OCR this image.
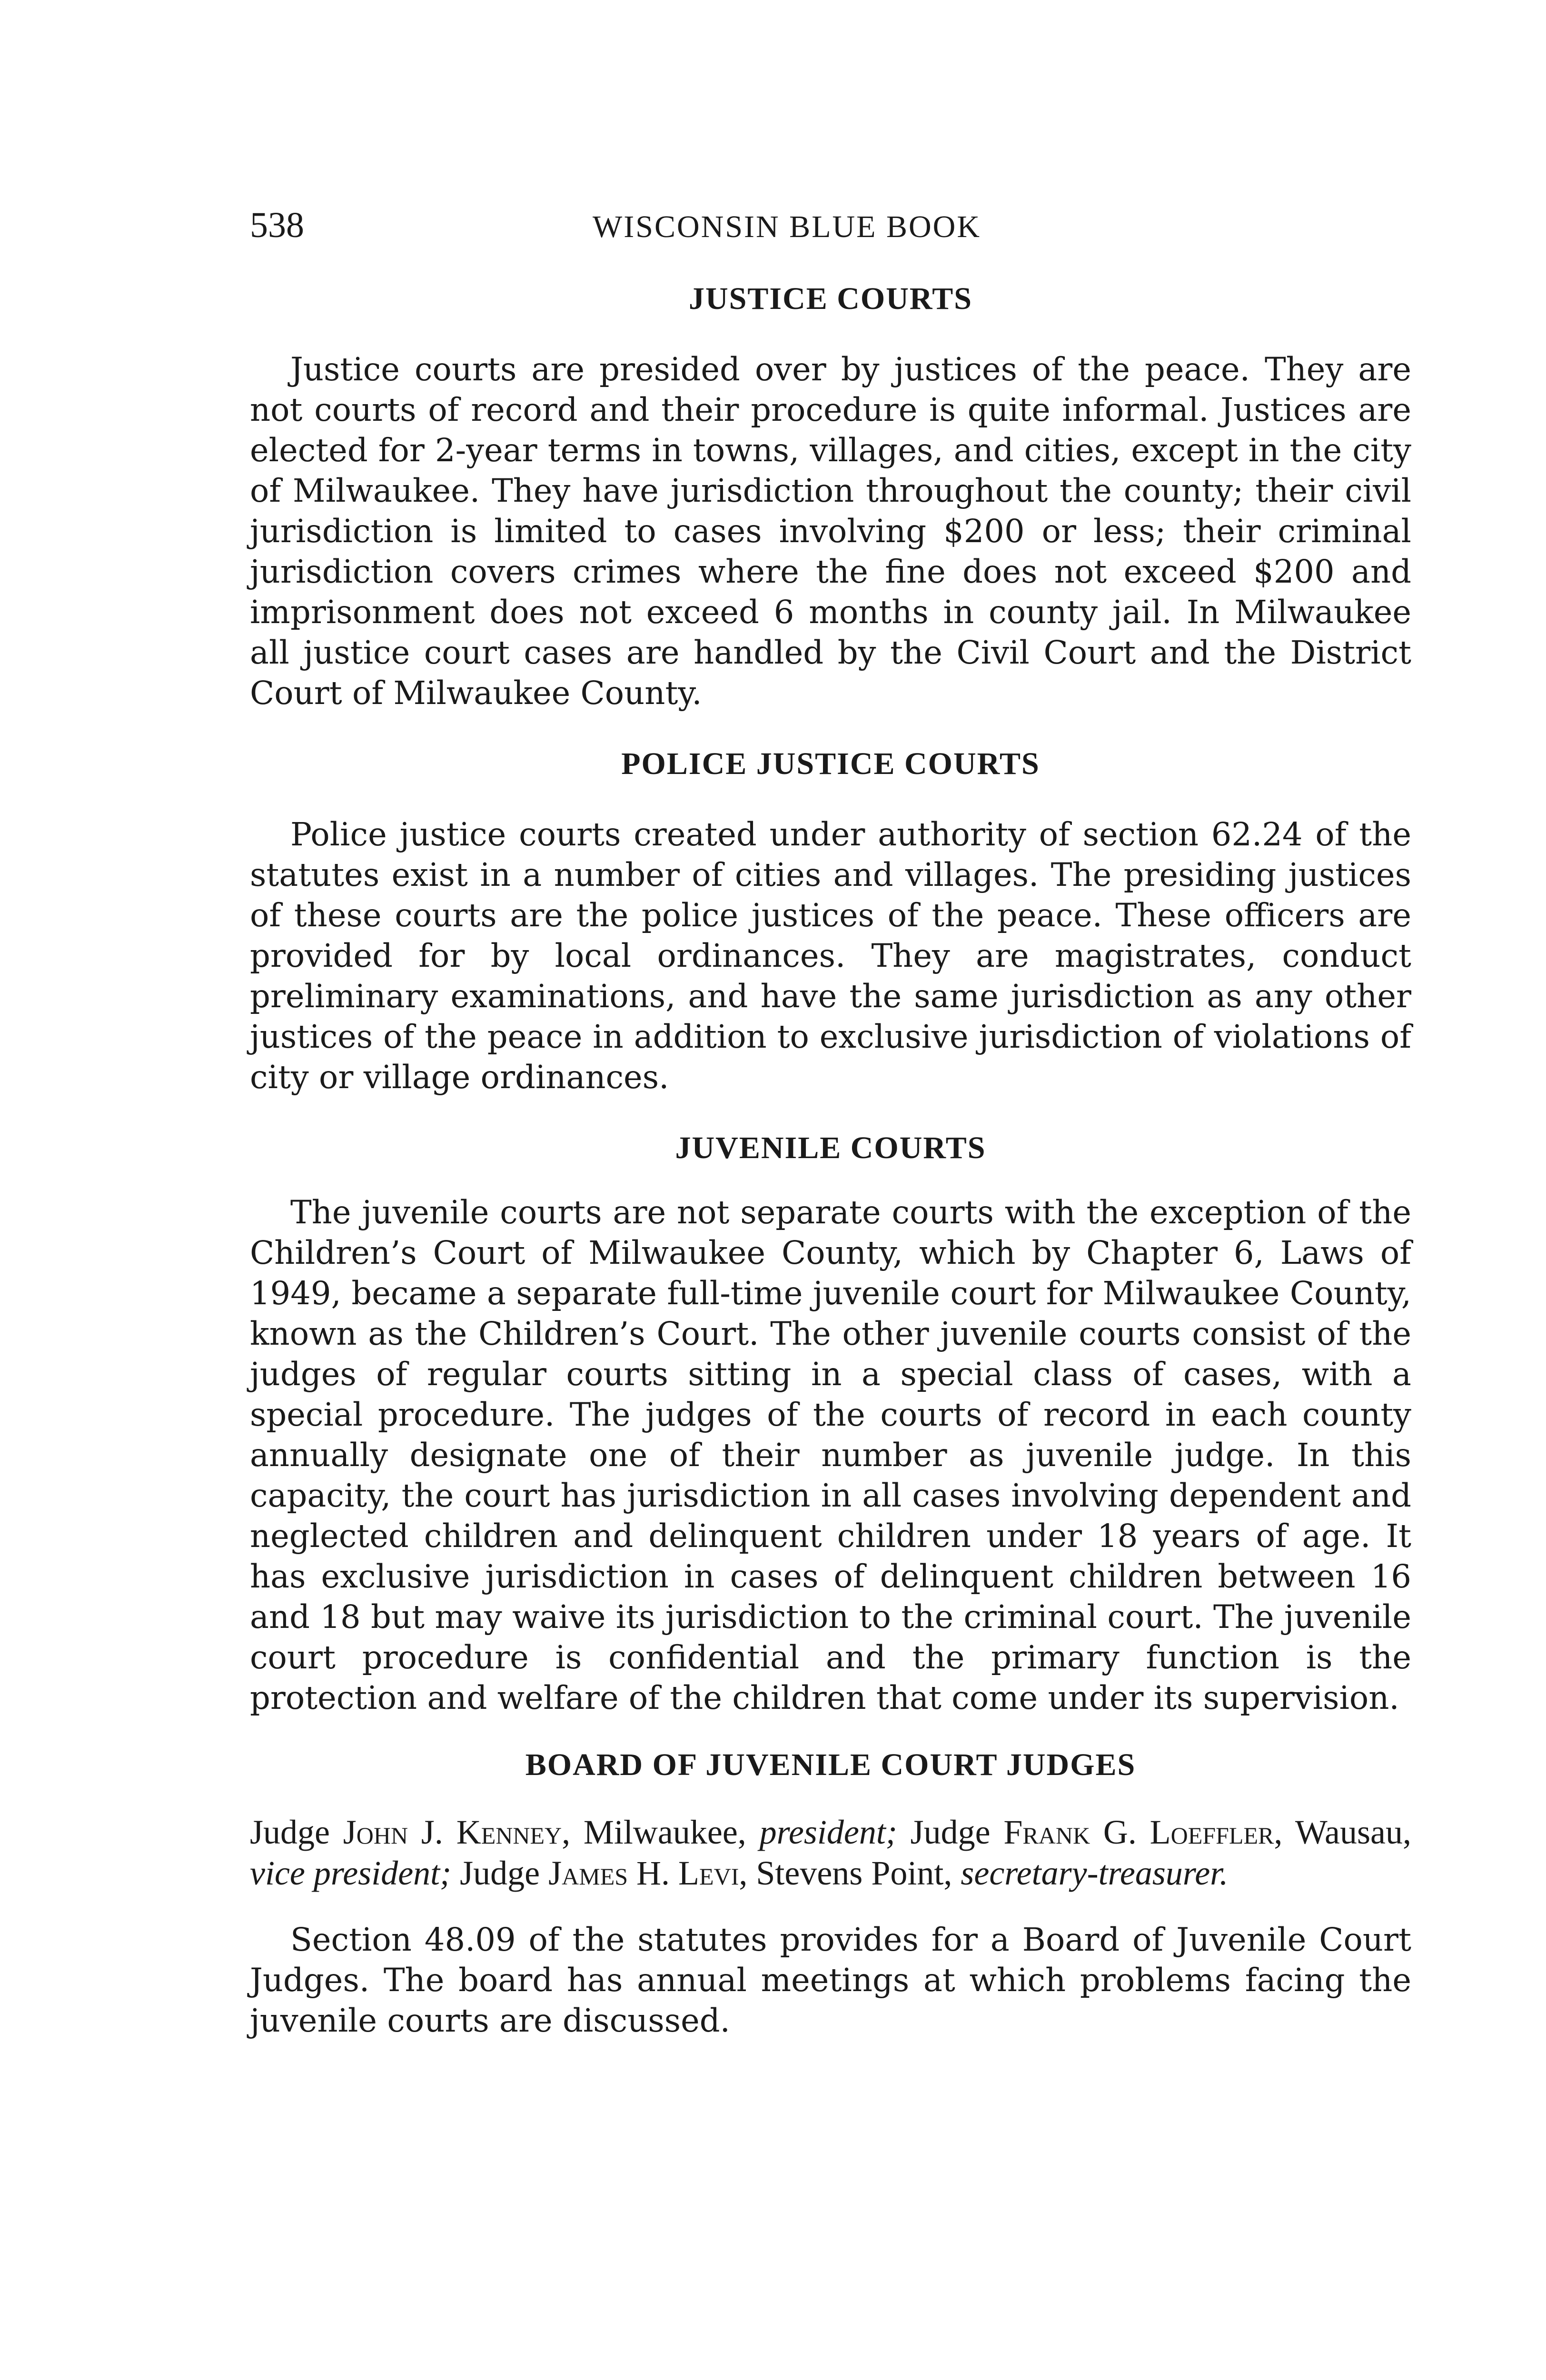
538	WISCONSIN BLUE BOOK
JUSTICE COURTS

Justice courts are presided over by justices of the peace. They are not courts of record and their procedure is quite informal. Justices are elected for 2-year terms in towns, villages, and cities, except in the city of Milwaukee. They have jurisdiction throughout the county; their civil jurisdiction is limited to cases involving $200 or less; their criminal jurisdiction covers crimes where the fine does not exceed $200 and imprisonment does not exceed 6 months in county jail. In Milwaukee all justice court cases are handled by the Civil Court and the District Court of Milwaukee County.

POLICE JUSTICE COURTS

Police justice courts created under authority of section 62.24 of the statutes exist in a number of cities and villages. The presiding justices of these courts are the police justices of the peace. These officers are provided for by local ordinances. They are magistrates, conduct preliminary examinations, and have the same jurisdiction as any other justices of the peace in addition to exclusive jurisdiction of violations of city or village ordinances.

JUVENILE COURTS

The juvenile courts are not separate courts with the exception of the Children’s Court of Milwaukee County, which by Chapter 6, Laws of 1949, became a separate full-time juvenile court for Milwaukee County, known as the Children’s Court. The other juvenile courts consist of the judges of regular courts sitting in a special class of cases, with a special procedure. The judges of the courts of record in each county annually designate one of their number as juvenile judge. In this capacity, the court has jurisdiction in all cases involving dependent and neglected children and delinquent children under 18 years of age. It has exclusive jurisdiction in cases of delinquent children between 16 and 18 but may waive its jurisdiction to the criminal court. The juvenile court procedure is confidential and the primary function is the protection and welfare of the children that come under its supervision.

BOARD OF JUVENILE COURT JUDGES

Judge John J. Kenney, Milwaukee, president; Judge Frank G. Loeffler, Wausau, vice president; Judge James H. Levi, Stevens Point, secretary-treasurer.

Section 48.09 of the statutes provides for a Board of Juvenile Court Judges. The board has annual meetings at which problems facing the juvenile courts are discussed.
